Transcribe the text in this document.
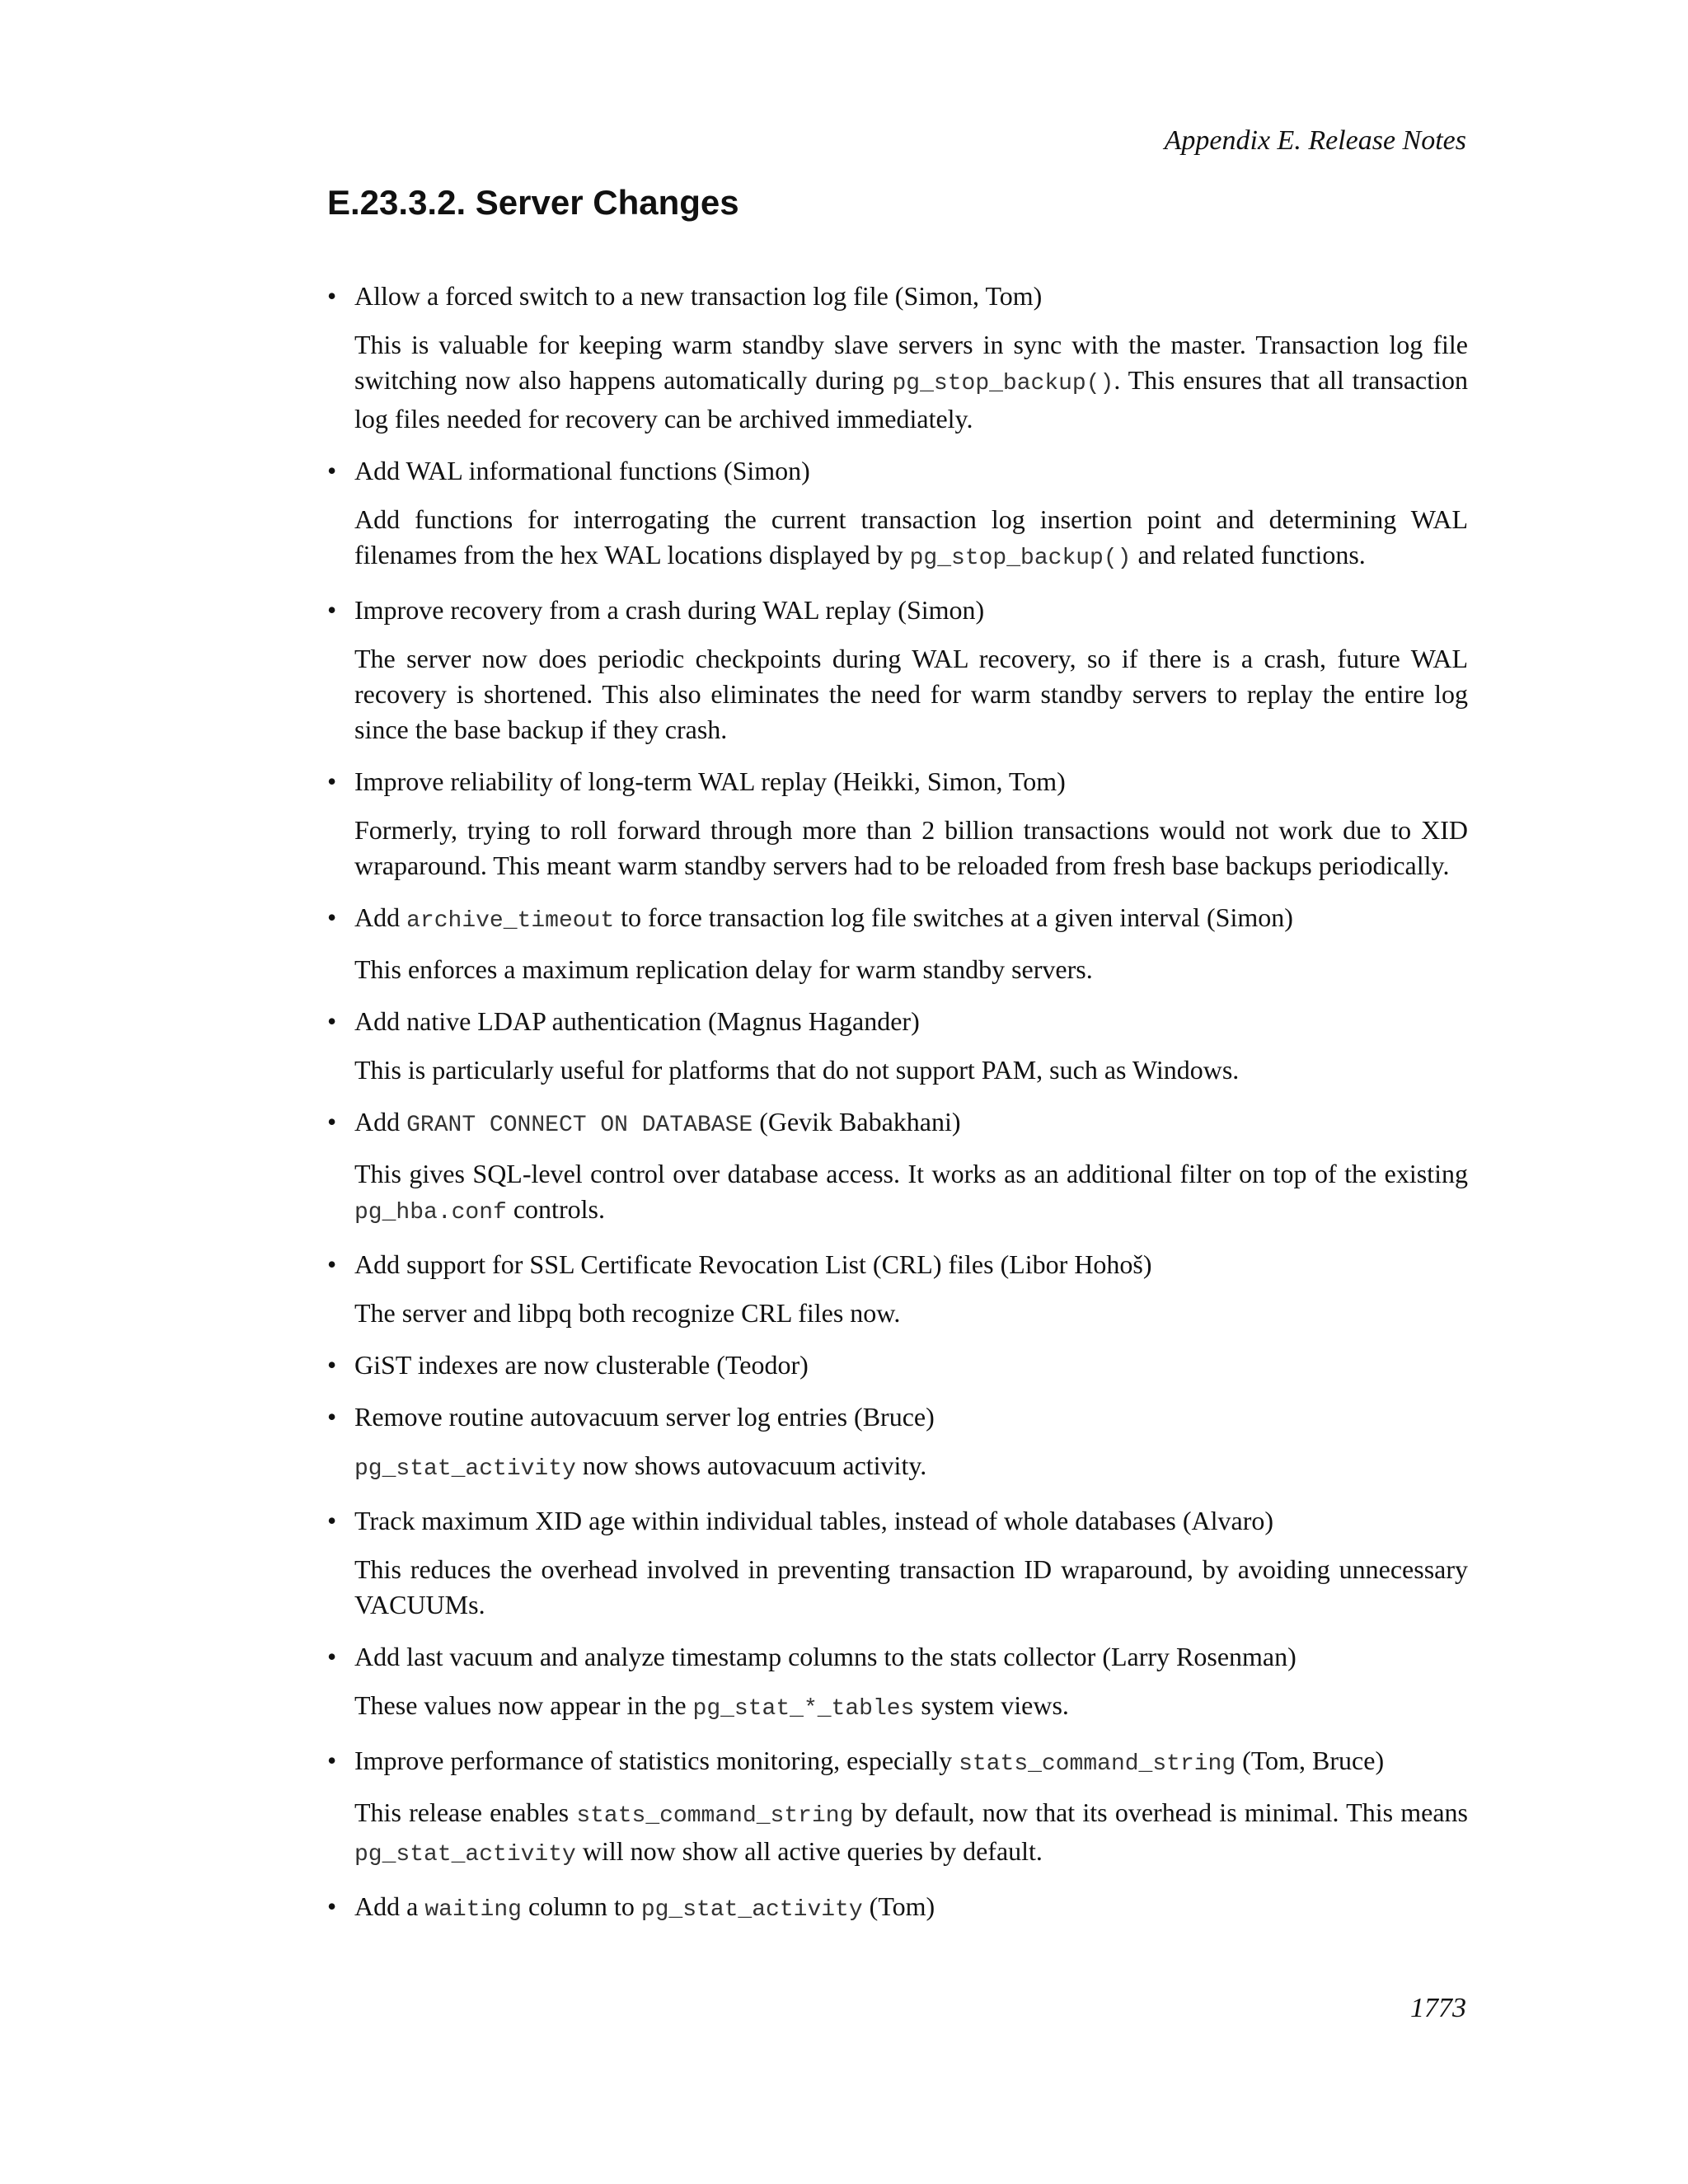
Appendix E. Release Notes
E.23.3.2. Server Changes
• Allow a forced switch to a new transaction log file (Simon, Tom)
This is valuable for keeping warm standby slave servers in sync with the master. Transaction log file switching now also happens automatically during pg_stop_backup(). This ensures that all transaction log files needed for recovery can be archived immediately.
• Add WAL informational functions (Simon)
Add functions for interrogating the current transaction log insertion point and determining WAL filenames from the hex WAL locations displayed by pg_stop_backup() and related functions.
• Improve recovery from a crash during WAL replay (Simon)
The server now does periodic checkpoints during WAL recovery, so if there is a crash, future WAL recovery is shortened. This also eliminates the need for warm standby servers to replay the entire log since the base backup if they crash.
• Improve reliability of long-term WAL replay (Heikki, Simon, Tom)
Formerly, trying to roll forward through more than 2 billion transactions would not work due to XID wraparound. This meant warm standby servers had to be reloaded from fresh base backups periodically.
• Add archive_timeout to force transaction log file switches at a given interval (Simon)
This enforces a maximum replication delay for warm standby servers.
• Add native LDAP authentication (Magnus Hagander)
This is particularly useful for platforms that do not support PAM, such as Windows.
• Add GRANT CONNECT ON DATABASE (Gevik Babakhani)
This gives SQL-level control over database access. It works as an additional filter on top of the existing pg_hba.conf controls.
• Add support for SSL Certificate Revocation List (CRL) files (Libor Hohoš)
The server and libpq both recognize CRL files now.
• GiST indexes are now clusterable (Teodor)
• Remove routine autovacuum server log entries (Bruce)
pg_stat_activity now shows autovacuum activity.
• Track maximum XID age within individual tables, instead of whole databases (Alvaro)
This reduces the overhead involved in preventing transaction ID wraparound, by avoiding unnecessary VACUUMs.
• Add last vacuum and analyze timestamp columns to the stats collector (Larry Rosenman)
These values now appear in the pg_stat_*_tables system views.
• Improve performance of statistics monitoring, especially stats_command_string (Tom, Bruce)
This release enables stats_command_string by default, now that its overhead is minimal. This means pg_stat_activity will now show all active queries by default.
• Add a waiting column to pg_stat_activity (Tom)
1773
